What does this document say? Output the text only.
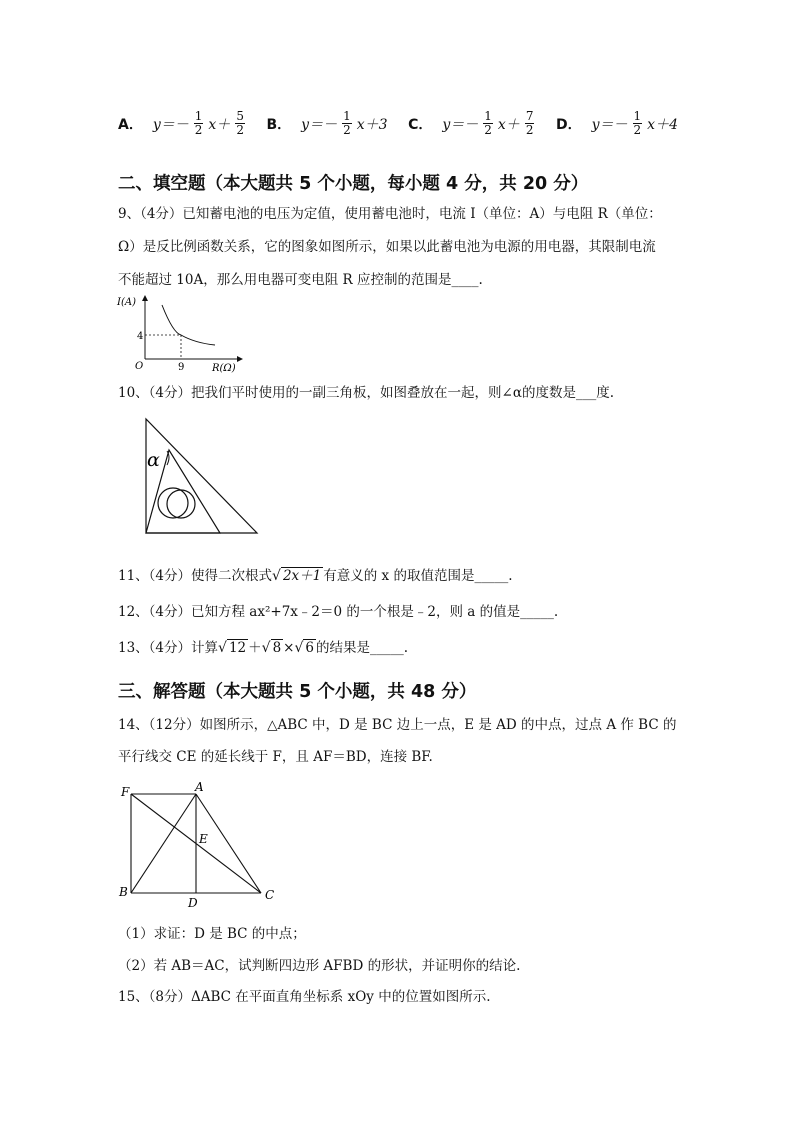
A． $y=- \frac{1}{2} x+ \frac{5}{2}$ B． $y=- \frac{1}{2} x+3$ C． $y=- \frac{1}{2} x+ \frac{7}{2}$ D． $y=- \frac{1}{2} x+4$
二、填空题（本大题共 5 个小题，每小题 4 分，共 20 分）
9、（4分）已知蓄电池的电压为定值，使用蓄电池时，电流 I（单位：A）与电阻 R（单位：
Ω）是反比例函数关系，它的图象如图所示，如果以此蓄电池为电源的用电器，其限制电流
不能超过 10A，那么用电器可变电阻 R 应控制的范围是____.
I(A)
R(Ω)
O
4
9
10、（4分）把我们平时使用的一副三角板，如图叠放在一起，则∠α的度数是___度.
α
11、（4分）使得二次根式√ 2x＋1 有意义的 x 的取值范围是_____.
12、（4分）已知方程 ax²+7x﹣2＝0 的一个根是﹣2，则 a 的值是_____.
13、（4分）计算√ 12 ＋√ 8 ×√ 6 的结果是_____.
三、解答题（本大题共 5 个小题，共 48 分）
14、（12分）如图所示，△ABC 中，D 是 BC 边上一点，E 是 AD 的中点，过点 A 作 BC 的
平行线交 CE 的延长线于 F，且 AF＝BD，连接 BF.
F	A
E
B
D
C
（1）求证：D 是 BC 的中点；
（2）若 AB＝AC，试判断四边形 AFBD 的形状，并证明你的结论.
15、（8分）ΔABC 在平面直角坐标系 xOy 中的位置如图所示.
